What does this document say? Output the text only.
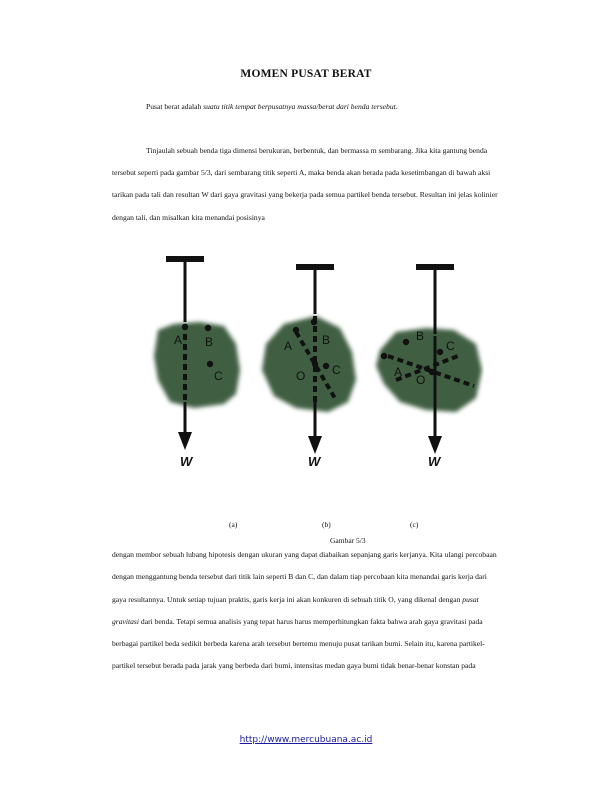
MOMEN PUSAT BERAT

Pusat berat adalah suatu titik tempat berpusatnya massa/berat dari benda tersebut.

Tinjaulah sebuah benda tiga dimensi berukuran, berbentuk, dan bermassa m sembarang. Jika kita gantung benda tersebut seperti pada gambar 5/3, dari sembarang titik seperti A, maka benda akan berada pada kesetimbangan di bawah aksi tarikan pada tali dan resultan W dari gaya gravitasi yang bekerja pada semua partikel benda tersebut. Resultan ini jelas kolinier dengan tali, dan misalkan kita menandai posisinya

A B
C
W
A B
C
O
W
A
B
C
O
W
(a)	(b)	(c)
Gambar 5/3

dengan membor sebuah lubang hipotesis dengan ukuran yang dapat diabaikan sepanjang garis kerjanya. Kita ulangi percobaan dengan menggantung benda tersebut dari titik lain seperti B dan C, dan dalam tiap percobaan kita menandai garis kerja dari gaya resultannya. Untuk setiap tujuan praktis, garis kerja ini akan konkuren di sebuah titik O, yang dikenal dengan pusat gravitasi dari benda. Tetapi semua analisis yang tepat harus harus memperhitungkan fakta bahwa arah gaya gravitasi pada berbagai partikel beda sedikit berbeda karena arah tersebut bertemu menuju pusat tarikan bumi. Selain itu, karena partikel-partikel tersebut berada pada jarak yang berbeda dari bumi, intensitas medan gaya bumi tidak benar-benar konstan pada

http://www.mercubuana.ac.id
